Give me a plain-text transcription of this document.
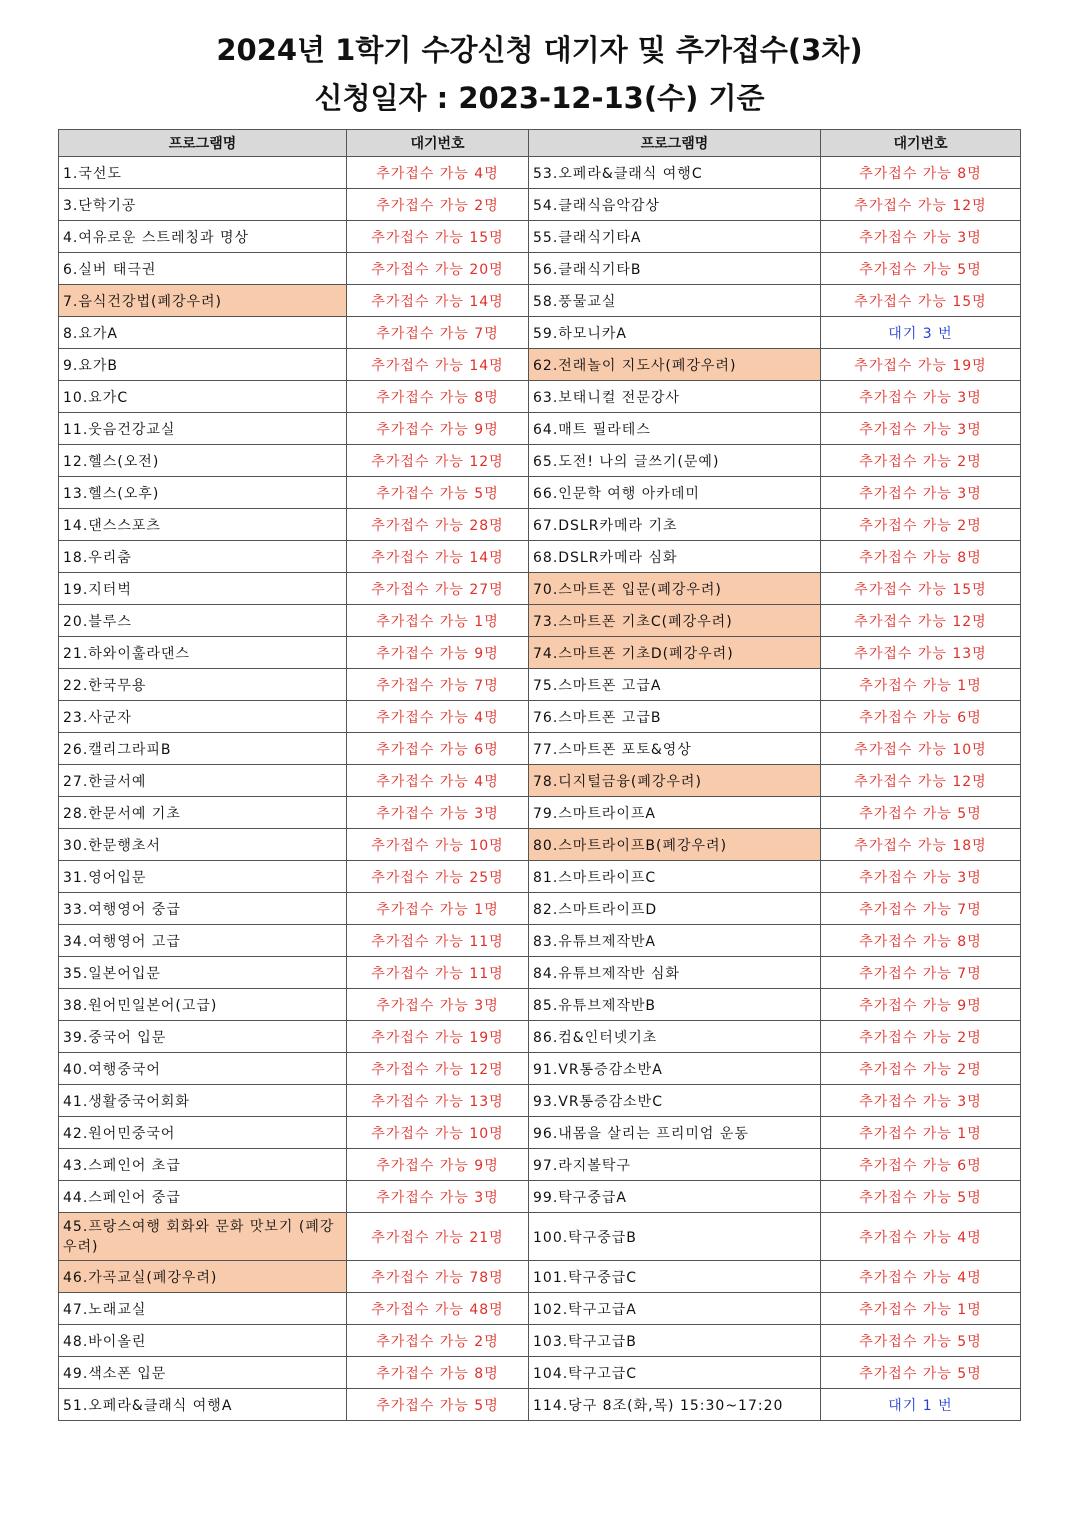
2024년 1학기 수강신청 대기자 및 추가접수(3차)
신청일자 : 2023-12-13(수) 기준
프로그램명	대기번호	프로그램명	대기번호
1.국선도	추가접수 가능 4명	53.오페라&클래식 여행C	추가접수 가능 8명
3.단학기공	추가접수 가능 2명	54.클래식음악감상	추가접수 가능 12명
4.여유로운 스트레칭과 명상	추가접수 가능 15명	55.클래식기타A	추가접수 가능 3명
6.실버 태극권	추가접수 가능 20명	56.클래식기타B	추가접수 가능 5명
7.음식건강법(폐강우려)	추가접수 가능 14명	58.풍물교실	추가접수 가능 15명
8.요가A	추가접수 가능 7명	59.하모니카A	대기 3 번
9.요가B	추가접수 가능 14명	62.전래놀이 지도사(폐강우려)	추가접수 가능 19명
10.요가C	추가접수 가능 8명	63.보태니컬 전문강사	추가접수 가능 3명
11.웃음건강교실	추가접수 가능 9명	64.매트 필라테스	추가접수 가능 3명
12.헬스(오전)	추가접수 가능 12명	65.도전! 나의 글쓰기(문예)	추가접수 가능 2명
13.헬스(오후)	추가접수 가능 5명	66.인문학 여행 아카데미	추가접수 가능 3명
14.댄스스포츠	추가접수 가능 28명	67.DSLR카메라 기초	추가접수 가능 2명
18.우리춤	추가접수 가능 14명	68.DSLR카메라 심화	추가접수 가능 8명
19.지터벅	추가접수 가능 27명	70.스마트폰 입문(폐강우려)	추가접수 가능 15명
20.블루스	추가접수 가능 1명	73.스마트폰 기초C(폐강우려)	추가접수 가능 12명
21.하와이훌라댄스	추가접수 가능 9명	74.스마트폰 기초D(폐강우려)	추가접수 가능 13명
22.한국무용	추가접수 가능 7명	75.스마트폰 고급A	추가접수 가능 1명
23.사군자	추가접수 가능 4명	76.스마트폰 고급B	추가접수 가능 6명
26.캘리그라피B	추가접수 가능 6명	77.스마트폰 포토&영상	추가접수 가능 10명
27.한글서예	추가접수 가능 4명	78.디지털금융(폐강우려)	추가접수 가능 12명
28.한문서예 기초	추가접수 가능 3명	79.스마트라이프A	추가접수 가능 5명
30.한문행초서	추가접수 가능 10명	80.스마트라이프B(폐강우려)	추가접수 가능 18명
31.영어입문	추가접수 가능 25명	81.스마트라이프C	추가접수 가능 3명
33.여행영어 중급	추가접수 가능 1명	82.스마트라이프D	추가접수 가능 7명
34.여행영어 고급	추가접수 가능 11명	83.유튜브제작반A	추가접수 가능 8명
35.일본어입문	추가접수 가능 11명	84.유튜브제작반 심화	추가접수 가능 7명
38.원어민일본어(고급)	추가접수 가능 3명	85.유튜브제작반B	추가접수 가능 9명
39.중국어 입문	추가접수 가능 19명	86.컴&인터넷기초	추가접수 가능 2명
40.여행중국어	추가접수 가능 12명	91.VR통증감소반A	추가접수 가능 2명
41.생활중국어회화	추가접수 가능 13명	93.VR통증감소반C	추가접수 가능 3명
42.원어민중국어	추가접수 가능 10명	96.내몸을 살리는 프리미엄 운동	추가접수 가능 1명
43.스페인어 초급	추가접수 가능 9명	97.라지볼탁구	추가접수 가능 6명
44.스페인어 중급	추가접수 가능 3명	99.탁구중급A	추가접수 가능 5명
45.프랑스여행 회화와 문화 맛보기 (폐강우려)	추가접수 가능 21명	100.탁구중급B	추가접수 가능 4명
46.가곡교실(폐강우려)	추가접수 가능 78명	101.탁구중급C	추가접수 가능 4명
47.노래교실	추가접수 가능 48명	102.탁구고급A	추가접수 가능 1명
48.바이올린	추가접수 가능 2명	103.탁구고급B	추가접수 가능 5명
49.색소폰 입문	추가접수 가능 8명	104.탁구고급C	추가접수 가능 5명
51.오페라&클래식 여행A	추가접수 가능 5명	114.당구 8조(화,목) 15:30~17:20	대기 1 번
